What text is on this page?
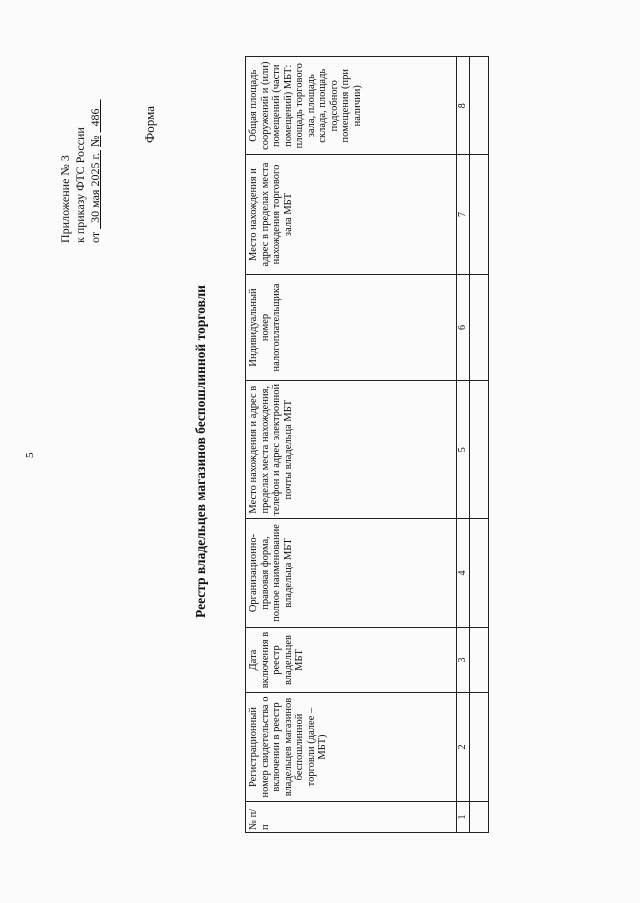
5
Приложение № 3 к приказу ФТС России от   30 мая 2025 г.  №   486	Форма
Реестр владельцев магазинов беспошлинной торговли
№ п/п	Регистрационный номер свидетельства о включении в реестр владельцев магазинов беспошлинной торговли (далее – МБТ)	Дата включения в реестр владельцев МБТ	Организационно-правовая форма, полное наименование владельца МБТ	Место нахождения и адрес в пределах места нахождения, телефон и адрес электронной почты владельца МБТ	Индивидуальный номер налогоплательщика	Место нахождения и адрес в пределах места нахождения торгового зала МБТ	Общая площадь сооружений и (или) помещений (части помещений) МБТ: площадь торгового зала, площадь склада, площадь подсобного помещения (при наличии)
1	2	3	4	5	6	7	8
